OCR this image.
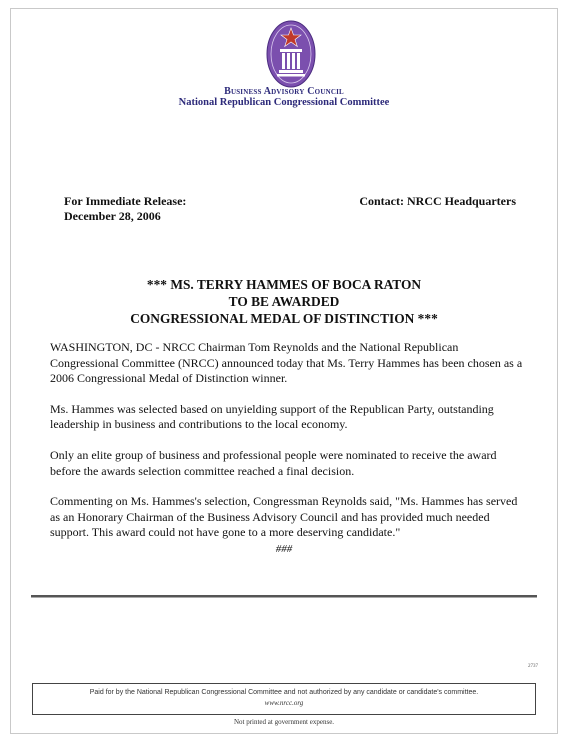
Business Advisory Council
National Republican Congressional Committee
For Immediate Release:
December 28, 2006
Contact: NRCC Headquarters
*** MS. TERRY HAMMES OF BOCA RATON
TO BE AWARDED
CONGRESSIONAL MEDAL OF DISTINCTION ***

WASHINGTON, DC - NRCC Chairman Tom Reynolds and the National Republican Congressional Committee (NRCC) announced today that Ms. Terry Hammes has been chosen as a 2006 Congressional Medal of Distinction winner.

Ms. Hammes was selected based on unyielding support of the Republican Party, outstanding leadership in business and contributions to the local economy.

Only an elite group of business and professional people were nominated to receive the award before the awards selection committee reached a final decision.

Commenting on Ms. Hammes's selection, Congressman Reynolds said, "Ms. Hammes has served as an Honorary Chairman of the Business Advisory Council and has provided much needed support. This award could not have gone to a more deserving candidate."

###
2737
Paid for by the National Republican Congressional Committee and not authorized by any candidate or candidate's committee.
www.nrcc.org
Not printed at government expense.
